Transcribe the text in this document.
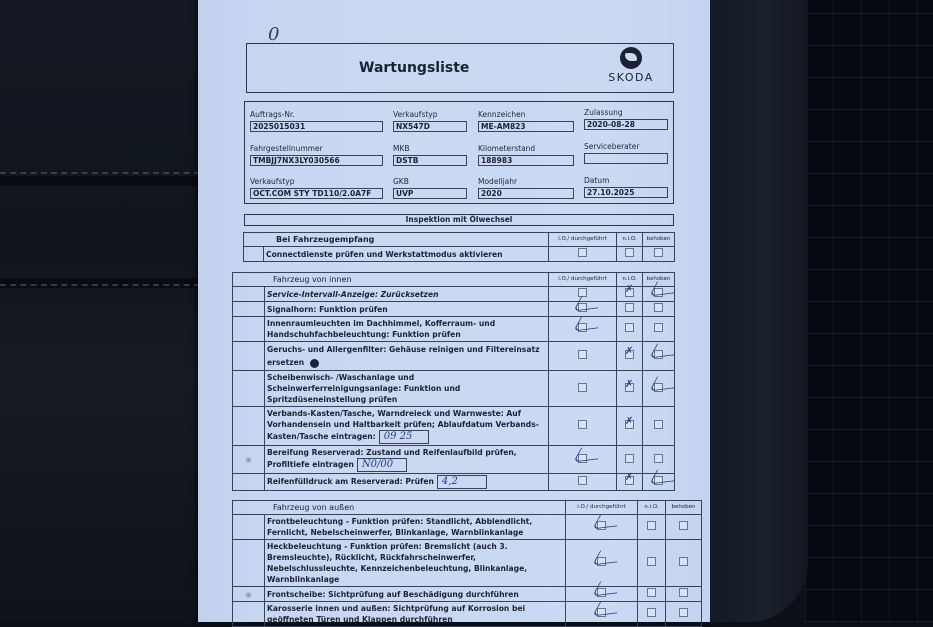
0
Wartungsliste
SKODA
Auftrags-Nr.
2025015031
Verkaufstyp
NX547D
Kennzeichen
ME-AM823
Zulassung
2020-08-28
Fahrgestellnummer
TMBJJ7NX3LY030566
MKB
DSTB
Kilometerstand
188983
Serviceberater
Verkaufstyp
OCT.COM STY TD110/2.0A7F
GKB
UVP
Modelljahr
2020
Datum
27.10.2025
Inspektion mit Ölwechsel
Bei Fahrzeugempfang		i.O./ durchgeführt	n.i.O.	behoben
	Connectdienste prüfen und Werkstattmodus aktivieren			
Fahrzeug von innen		i.O./ durchgeführt	n.i.O.	behoben
	Service-Intervall-Anzeige: Zurücksetzen		✗	
	Signalhorn: Funktion prüfen			
	Innenraumleuchten im Dachhimmel, Kofferraum- und Handschuhfachbeleuchtung: Funktion prüfen			
	Geruchs- und Allergenfilter: Gehäuse reinigen und Filtereinsatz ersetzen		✗	
	Scheibenwisch- /Waschanlage und Scheinwerferreinigungsanlage: Funktion und Spritzdüseneinstellung prüfen		✗	
	Verbands-Kasten/Tasche, Warndreieck und Warnweste: Auf Vorhandensein und Haltbarkeit prüfen; Ablaufdatum Verbands-Kasten/Tasche eintragen: 09 25		✗	
◉	Bereifung Reserverad: Zustand und Reifenlaufbild prüfen, Profiltiefe eintragen N0/00			
	Reifenfülldruck am Reserverad: Prüfen 4,2		✗	
Fahrzeug von außen		i.O./ durchgeführt	n.i.O.	behoben
	Frontbeleuchtung - Funktion prüfen: Standlicht, Abblendlicht, Fernlicht, Nebelscheinwerfer, Blinkanlage, Warnblinkanlage			
	Heckbeleuchtung - Funktion prüfen: Bremslicht (auch 3. Bremsleuchte), Rücklicht, Rückfahrscheinwerfer, Nebelschlussleuchte, Kennzeichenbeleuchtung, Blinkanlage, Warnblinkanlage			
◉	Frontscheibe: Sichtprüfung auf Beschädigung durchführen			
	Karosserie innen und außen: Sichtprüfung auf Korrosion bei geöffneten Türen und Klappen durchführen			
